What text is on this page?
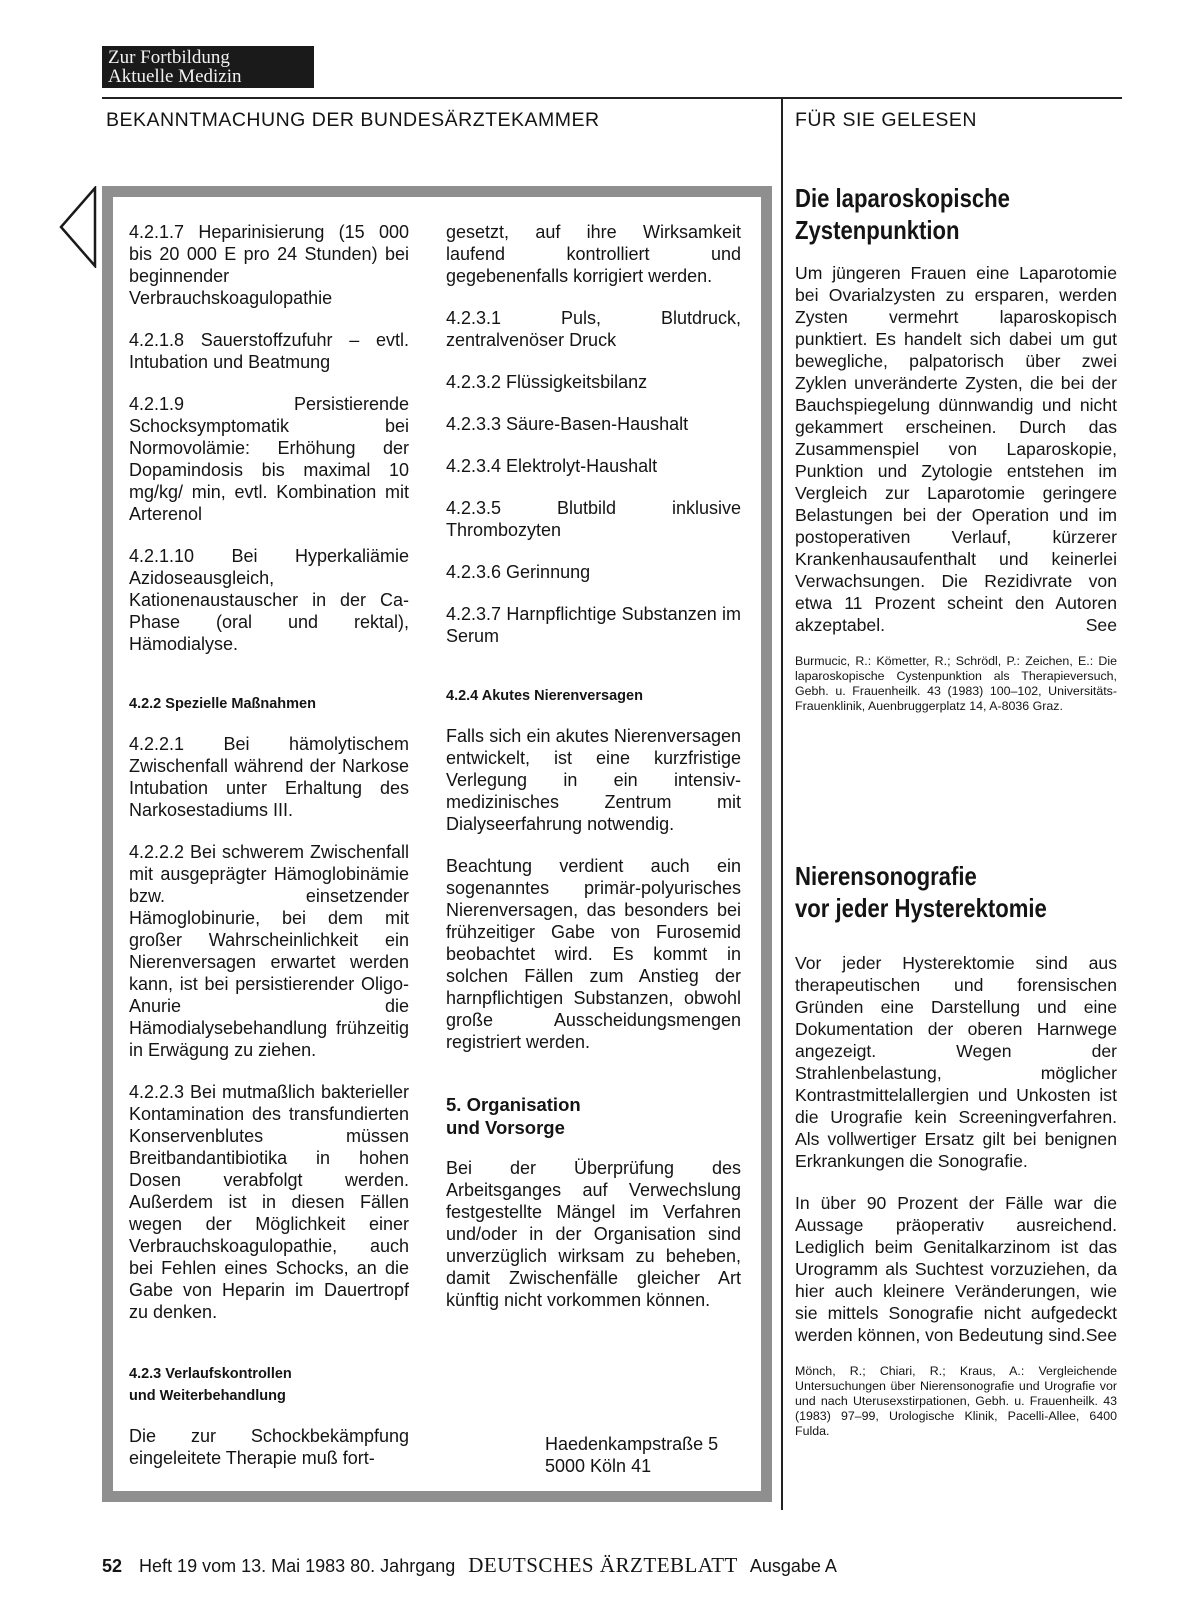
Zur Fortbildung
Aktuelle Medizin
BEKANNTMACHUNG DER BUNDESÄRZTEKAMMER	FÜR SIE GELESEN

4.2.1.7 Heparinisierung (15 000 bis 20 000 E pro 24 Stunden) bei beginnender Verbrauchskoagulopathie

4.2.1.8 Sauerstoffzufuhr – evtl. Intubation und Beatmung

4.2.1.9 Persistierende Schocksymptomatik bei Normovolämie: Erhöhung der Dopamindosis bis maximal 10 mg/kg/ min, evtl. Kombination mit Arterenol

4.2.1.10 Bei Hyperkaliämie Azidoseausgleich, Kationenaustauscher in der Ca-Phase (oral und rektal), Hämodialyse.

4.2.2 Spezielle Maßnahmen

4.2.2.1 Bei hämolytischem Zwischenfall während der Narkose Intubation unter Erhaltung des Narkosestadiums III.

4.2.2.2 Bei schwerem Zwischenfall mit ausgeprägter Hämoglobinämie bzw. einsetzender Hämoglobinurie, bei dem mit großer Wahrscheinlichkeit ein Nierenversagen erwartet werden kann, ist bei persistierender Oligo-Anurie die Hämodialysebehandlung frühzeitig in Erwägung zu ziehen.

4.2.2.3 Bei mutmaßlich bakterieller Kontamination des transfundierten Konservenblutes müssen Breitbandantibiotika in hohen Dosen verabfolgt werden. Außerdem ist in diesen Fällen wegen der Möglichkeit einer Verbrauchskoagulopathie, auch bei Fehlen eines Schocks, an die Gabe von Heparin im Dauertropf zu denken.

4.2.3 Verlaufskontrollen
und Weiterbehandlung

Die zur Schockbekämpfung eingeleitete Therapie muß fort-

gesetzt, auf ihre Wirksamkeit laufend kontrolliert und gegebenenfalls korrigiert werden.

4.2.3.1 Puls, Blutdruck, zentralvenöser Druck

4.2.3.2 Flüssigkeitsbilanz

4.2.3.3 Säure-Basen-Haushalt

4.2.3.4 Elektrolyt-Haushalt

4.2.3.5 Blutbild inklusive Thrombozyten

4.2.3.6 Gerinnung

4.2.3.7 Harnpflichtige Substanzen im Serum

4.2.4 Akutes Nierenversagen

Falls sich ein akutes Nierenversagen entwickelt, ist eine kurzfristige Verlegung in ein intensiv-medizinisches Zentrum mit Dialyseerfahrung notwendig.

Beachtung verdient auch ein sogenanntes primär-polyurisches Nierenversagen, das besonders bei frühzeitiger Gabe von Furosemid beobachtet wird. Es kommt in solchen Fällen zum Anstieg der harnpflichtigen Substanzen, obwohl große Ausscheidungsmengen registriert werden.

5. Organisation
und Vorsorge

Bei der Überprüfung des Arbeitsganges auf Verwechslung festgestellte Mängel im Verfahren und/oder in der Organisation sind unverzüglich wirksam zu beheben, damit Zwischenfälle gleicher Art künftig nicht vorkommen können.

Haedenkampstraße 5
5000 Köln 41
Die laparoskopische
Zystenpunktion

Um jüngeren Frauen eine Laparotomie bei Ovarialzysten zu ersparen, werden Zysten vermehrt laparoskopisch punktiert. Es handelt sich dabei um gut bewegliche, palpatorisch über zwei Zyklen unveränderte Zysten, die bei der Bauchspiegelung dünnwandig und nicht gekammert erscheinen. Durch das Zusammenspiel von Laparoskopie, Punktion und Zytologie entstehen im Vergleich zur Laparotomie geringere Belastungen bei der Operation und im postoperativen Verlauf, kürzerer Krankenhausaufenthalt und keinerlei Verwachsungen. Die Rezidivrate von etwa 11 Prozent scheint den Autoren akzeptabel.	See

Burmucic, R.: Kömetter, R.; Schrödl, P.: Zeichen, E.: Die laparoskopische Cystenpunktion als Therapieversuch, Gebh. u. Frauenheilk. 43 (1983) 100–102, Universitäts-Frauenklinik, Auenbruggerplatz 14, A-8036 Graz.
Nierensonografie
vor jeder Hysterektomie

Vor jeder Hysterektomie sind aus therapeutischen und forensischen Gründen eine Darstellung und eine Dokumentation der oberen Harnwege angezeigt. Wegen der Strahlenbelastung, möglicher Kontrastmittelallergien und Unkosten ist die Urografie kein Screeningverfahren. Als vollwertiger Ersatz gilt bei benignen Erkrankungen die Sonografie.

In über 90 Prozent der Fälle war die Aussage präoperativ ausreichend. Lediglich beim Genitalkarzinom ist das Urogramm als Suchtest vorzuziehen, da hier auch kleinere Veränderungen, wie sie mittels Sonografie nicht aufgedeckt werden können, von Bedeutung sind. See

Mönch, R.; Chiari, R.; Kraus, A.: Vergleichende Untersuchungen über Nierensonografie und Urografie vor und nach Uterusexstirpationen, Gebh. u. Frauenheilk. 43 (1983) 97–99, Urologische Klinik, Pacelli-Allee, 6400 Fulda.
52 Heft 19 vom 13. Mai 1983 80. Jahrgang DEUTSCHES ÄRZTEBLATT Ausgabe A
